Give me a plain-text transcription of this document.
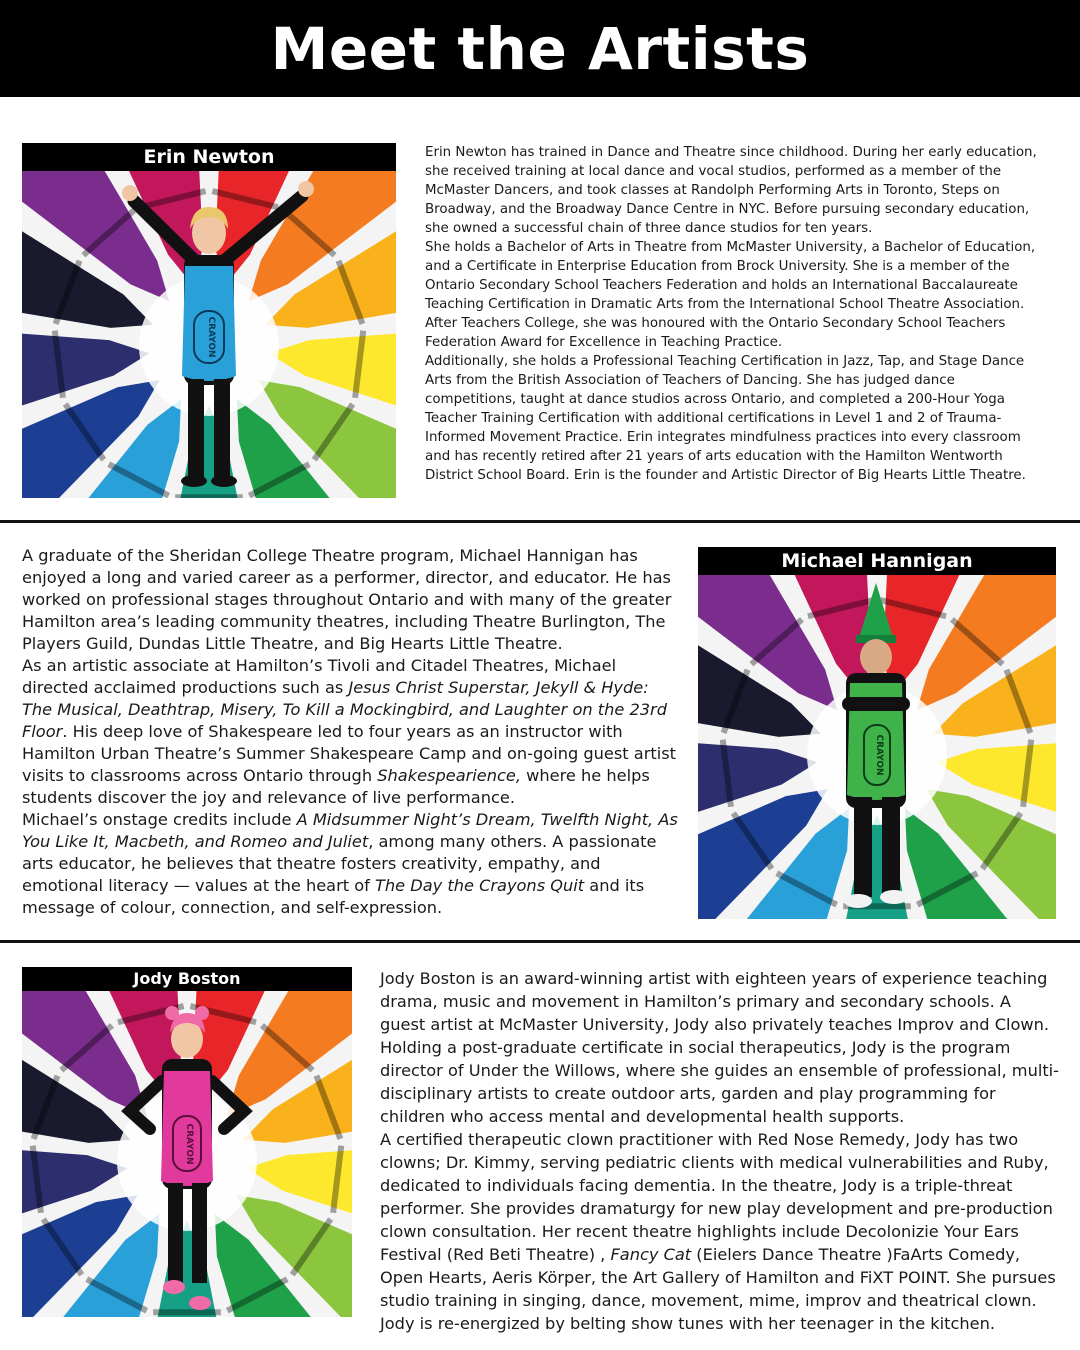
Meet the Artists
Erin Newton
CRAYON

Erin Newton has trained in Dance and Theatre since childhood. During her early education, she received training at local dance and vocal studios, performed as a member of the McMaster Dancers, and took classes at Randolph Performing Arts in Toronto, Steps on Broadway, and the Broadway Dance Centre in NYC. Before pursuing secondary education, she owned a successful chain of three dance studios for ten years.

She holds a Bachelor of Arts in Theatre from McMaster University, a Bachelor of Education, and a Certificate in Enterprise Education from Brock University. She is a member of the Ontario Secondary School Teachers Federation and holds an International Baccalaureate Teaching Certification in Dramatic Arts from the International School Theatre Association. After Teachers College, she was honoured with the Ontario Secondary School Teachers Federation Award for Excellence in Teaching Practice.

Additionally, she holds a Professional Teaching Certification in Jazz, Tap, and Stage Dance Arts from the British Association of Teachers of Dancing. She has judged dance competitions, taught at dance studios across Ontario, and completed a 200-Hour Yoga Teacher Training Certification with additional certifications in Level 1 and 2 of Trauma-Informed Movement Practice. Erin integrates mindfulness practices into every classroom and has recently retired after 21 years of arts education with the Hamilton Wentworth District School Board. Erin is the founder and Artistic Director of Big Hearts Little Theatre.

A graduate of the Sheridan College Theatre program, Michael Hannigan has enjoyed a long and varied career as a performer, director, and educator. He has worked on professional stages throughout Ontario and with many of the greater Hamilton area’s leading community theatres, including Theatre Burlington, The Players Guild, Dundas Little Theatre, and Big Hearts Little Theatre.

As an artistic associate at Hamilton’s Tivoli and Citadel Theatres, Michael directed acclaimed productions such as Jesus Christ Superstar, Jekyll & Hyde: The Musical, Deathtrap, Misery, To Kill a Mockingbird, and Laughter on the 23rd Floor. His deep love of Shakespeare led to four years as an instructor with Hamilton Urban Theatre’s Summer Shakespeare Camp and on-going guest artist visits to classrooms across Ontario through Shakespearience, where he helps students discover the joy and relevance of live performance.

Michael’s onstage credits include A Midsummer Night’s Dream, Twelfth Night, As You Like It, Macbeth, and Romeo and Juliet, among many others. A passionate arts educator, he believes that theatre fosters creativity, empathy, and emotional literacy — values at the heart of The Day the Crayons Quit and its message of colour, connection, and self-expression.

Michael Hannigan
CRAYON
Jody Boston
CRAYON

Jody Boston is an award-winning artist with eighteen years of experience teaching drama, music and movement in Hamilton’s primary and secondary schools. A guest artist at McMaster University, Jody also privately teaches Improv and Clown. Holding a post-graduate certificate in social therapeutics, Jody is the program director of Under the Willows, where she guides an ensemble of professional, multi-disciplinary artists to create outdoor arts, garden and play programming for children who access mental and developmental health supports.

A certified therapeutic clown practitioner with Red Nose Remedy, Jody has two clowns; Dr. Kimmy, serving pediatric clients with medical vulnerabilities and Ruby, dedicated to individuals facing dementia. In the theatre, Jody is a triple-threat performer. She provides dramaturgy for new play development and pre-production clown consultation. Her recent theatre highlights include Decolonizie Your Ears Festival (Red Beti Theatre) , Fancy Cat (Eielers Dance Theatre )FaArts Comedy, Open Hearts, Aeris Körper, the Art Gallery of Hamilton and FiXT POINT. She pursues studio training in singing, dance, movement, mime, improv and theatrical clown. Jody is re-energized by belting show tunes with her teenager in the kitchen.
